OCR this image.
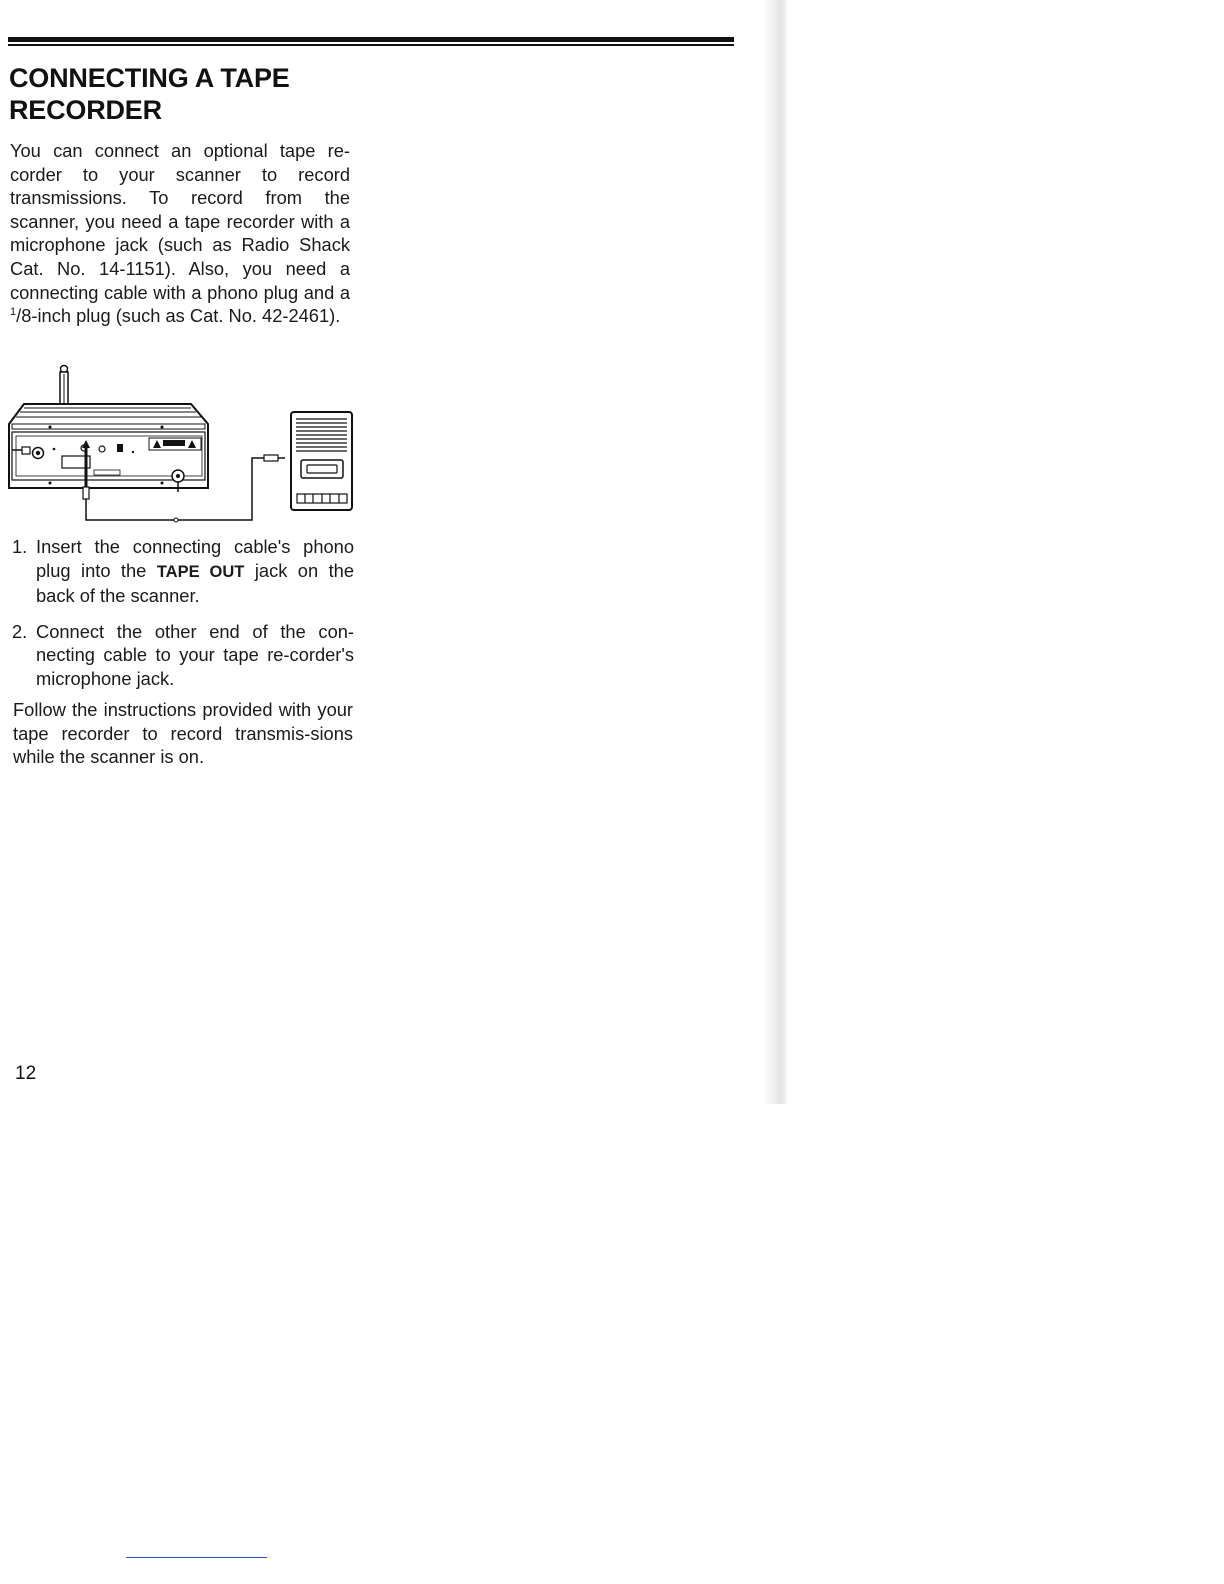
CONNECTING A TAPE RECORDER

You can connect an optional tape re-corder to your scanner to record transmissions. To record from the scanner, you need a tape recorder with a microphone jack (such as Radio Shack Cat. No. 14-1151). Also, you need a connecting cable with a phono plug and a $^1$/8-inch plug (such as Cat. No. 42-2461).

1. Insert the connecting cable's phono plug into the TAPE OUT jack on the back of the scanner.
2. Connect the other end of the con-necting cable to your tape re-corder's microphone jack.

Follow the instructions provided with your tape recorder to record transmis-sions while the scanner is on.

12
